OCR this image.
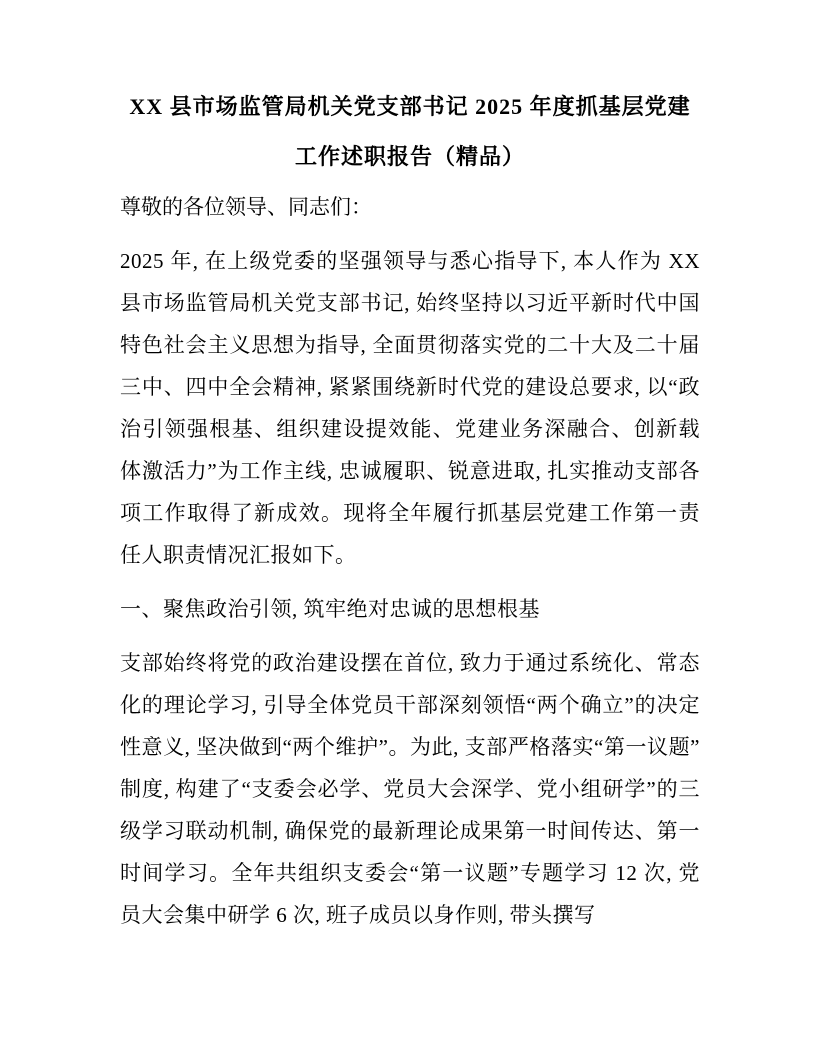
XX 县市场监管局机关党支部书记 2025 年度抓基层党建工作述职报告（精品）

尊敬的各位领导、同志们：

2025 年, 在上级党委的坚强领导与悉心指导下, 本人作为 XX 县市场监管局机关党支部书记, 始终坚持以习近平新时代中国特色社会主义思想为指导, 全面贯彻落实党的二十大及二十届三中、四中全会精神, 紧紧围绕新时代党的建设总要求, 以“政治引领强根基、组织建设提效能、党建业务深融合、创新载体激活力”为工作主线, 忠诚履职、锐意进取, 扎实推动支部各项工作取得了新成效。现将全年履行抓基层党建工作第一责任人职责情况汇报如下。

一、聚焦政治引领, 筑牢绝对忠诚的思想根基

支部始终将党的政治建设摆在首位, 致力于通过系统化、常态化的理论学习, 引导全体党员干部深刻领悟“两个确立”的决定性意义, 坚决做到“两个维护”。为此, 支部严格落实“第一议题”制度, 构建了“支委会必学、党员大会深学、党小组研学”的三级学习联动机制, 确保党的最新理论成果第一时间传达、第一时间学习。全年共组织支委会“第一议题”专题学习 12 次, 党员大会集中研学 6 次, 班子成员以身作则, 带头撰写
